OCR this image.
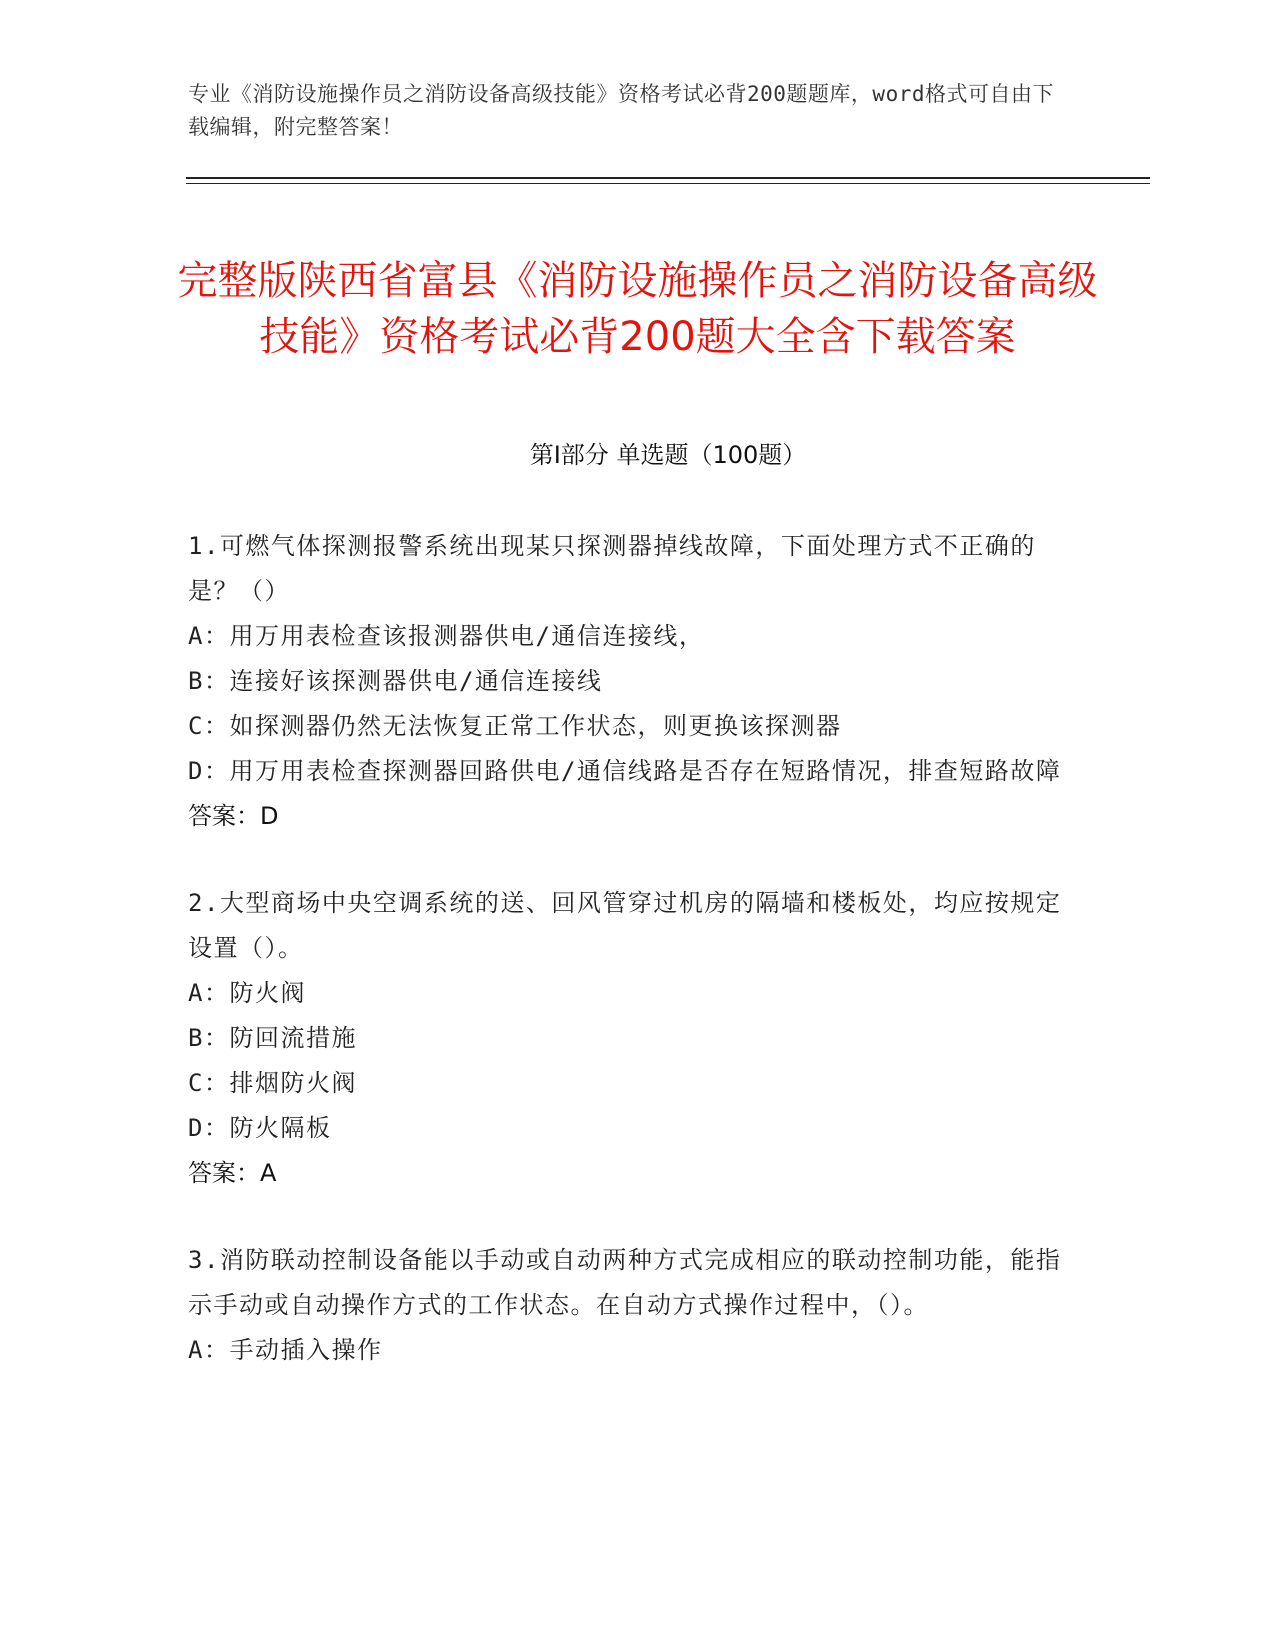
专业《消防设施操作员之消防设备高级技能》资格考试必背200题题库，word格式可自由下载编辑，附完整答案！
完整版陕西省富县《消防设施操作员之消防设备高级技能》资格考试必背200题大全含下载答案
第Ⅰ部分 单选题（100题）

1.可燃气体探测报警系统出现某只探测器掉线故障，下面处理方式不正确的是？（）

A：用万用表检查该报测器供电/通信连接线，

B：连接好该探测器供电/通信连接线

C：如探测器仍然无法恢复正常工作状态，则更换该探测器

D：用万用表检查探测器回路供电/通信线路是否存在短路情况，排查短路故障

答案：D

2.大型商场中央空调系统的送、回风管穿过机房的隔墙和楼板处，均应按规定设置（）。

A：防火阀

B：防回流措施

C：排烟防火阀

D：防火隔板

答案：A

3.消防联动控制设备能以手动或自动两种方式完成相应的联动控制功能，能指示手动或自动操作方式的工作状态。在自动方式操作过程中，（）。

A：手动插入操作
